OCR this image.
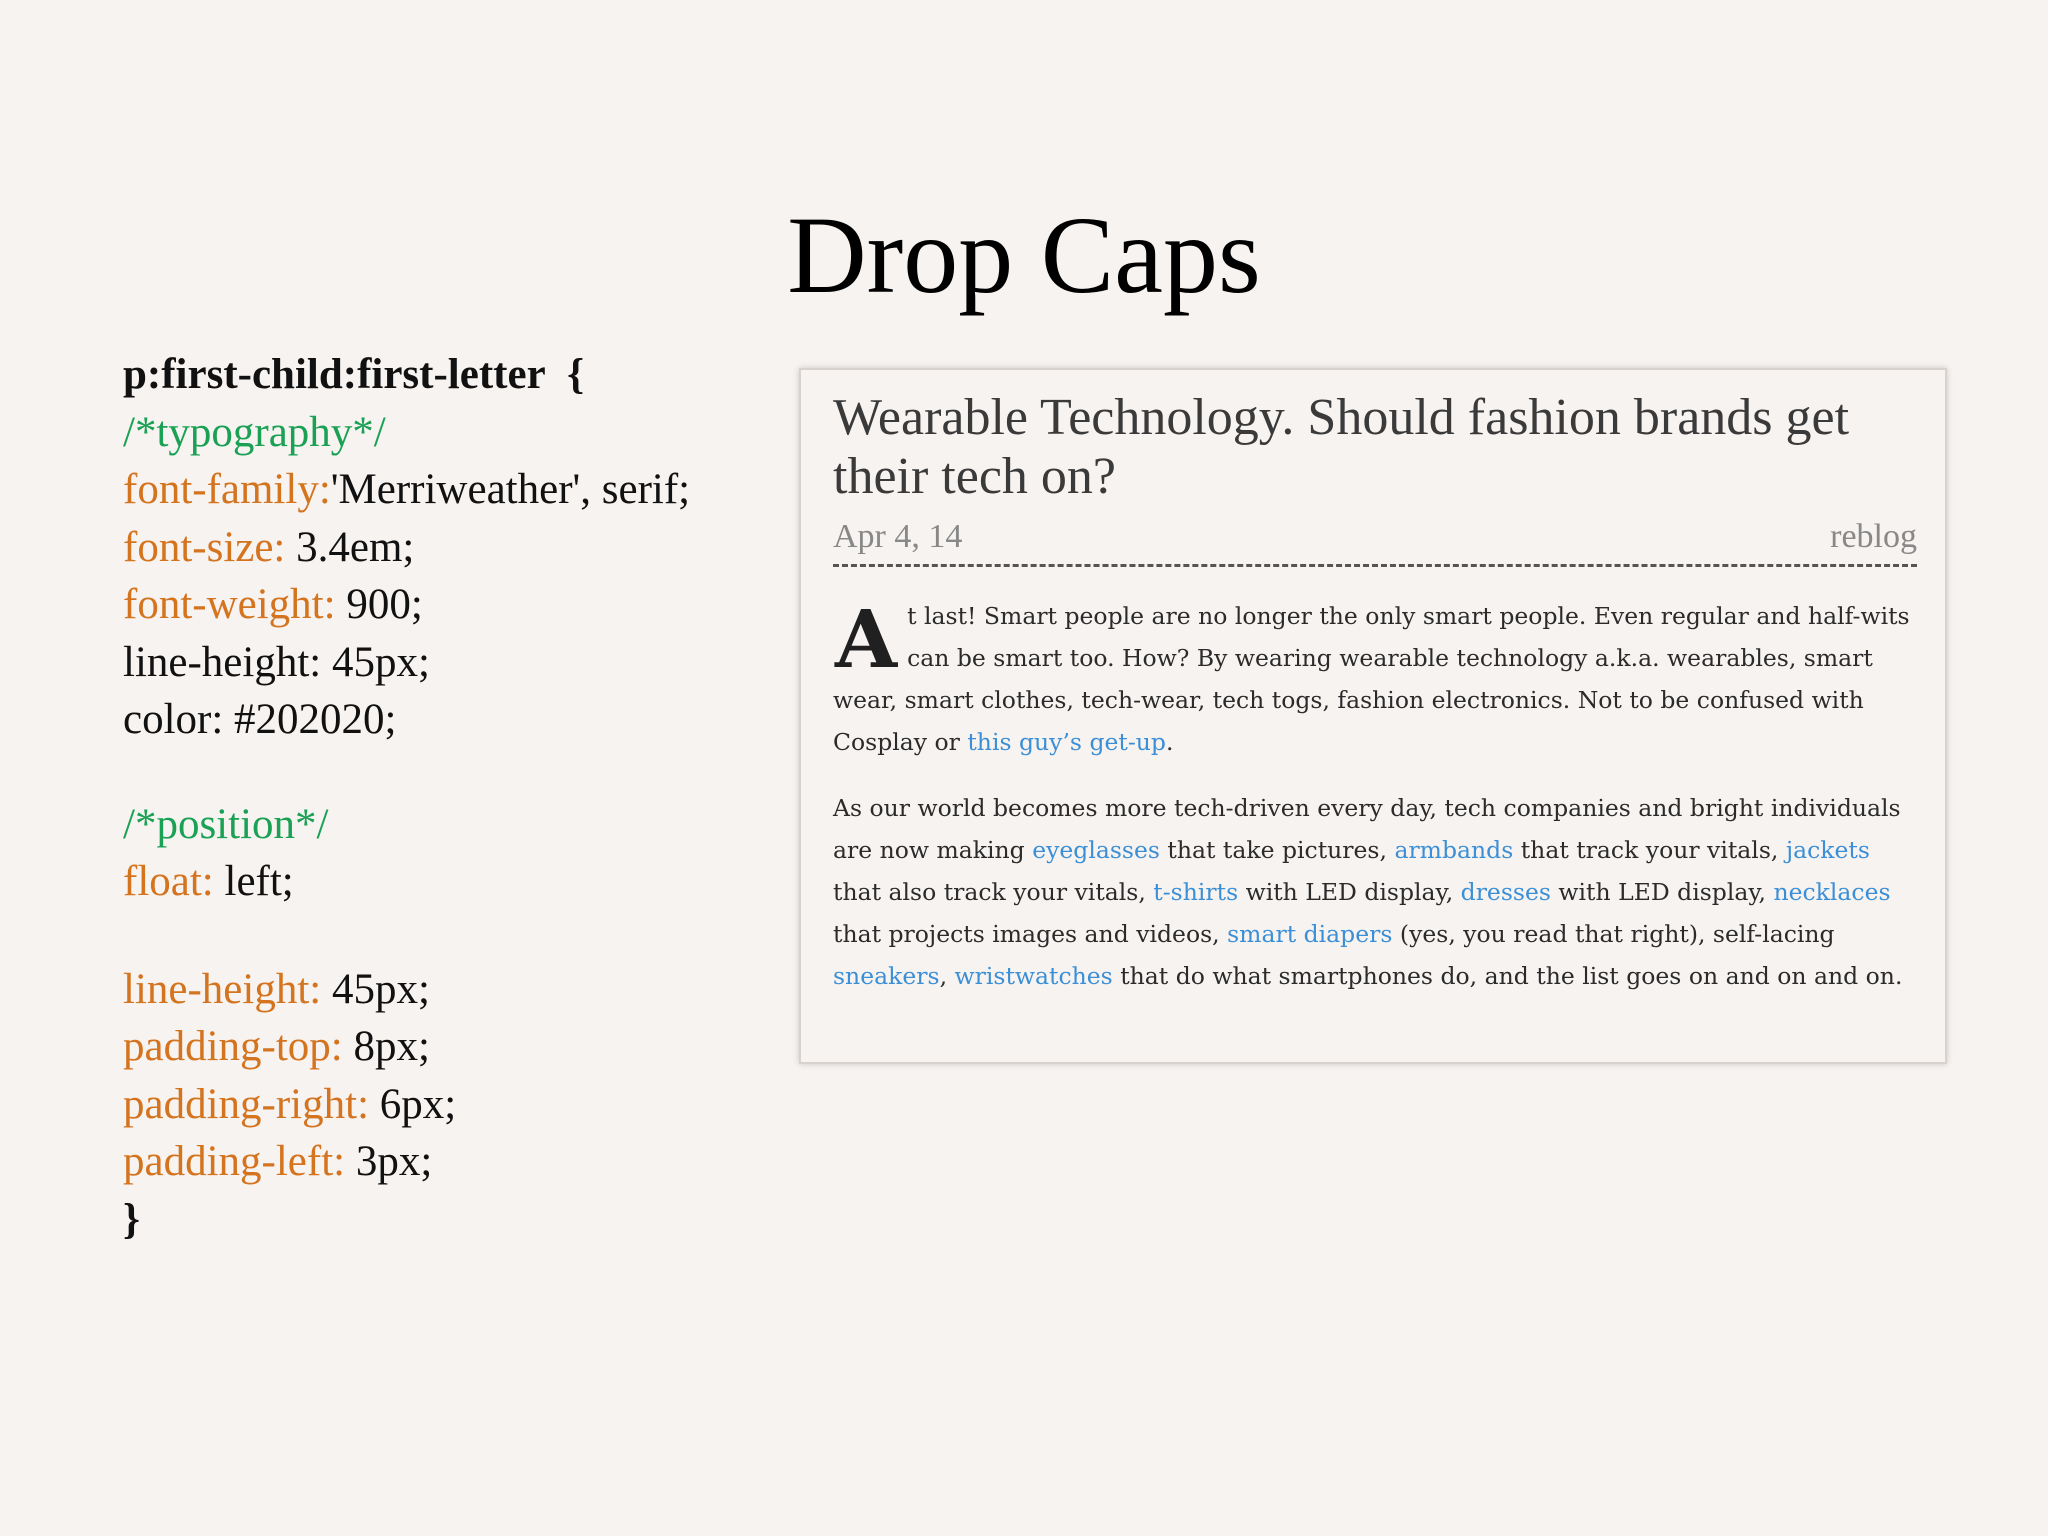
Drop Caps
p:first-child:first-letter {
/*typography*/
font-family:'Merriweather', serif;
font-size: 3.4em;
font-weight: 900;
line-height: 45px;
color: #202020;
/*position*/
float: left;
line-height: 45px;
padding-top: 8px;
padding-right: 6px;
padding-left: 3px;
}
Wearable Technology. Should fashion brands get their tech on?
Apr 4, 14	reblog

At last! Smart people are no longer the only smart people. Even regular and half-wits can be smart too. How? By wearing wearable technology a.k.a. wearables, smart wear, smart clothes, tech-wear, tech togs, fashion electronics. Not to be confused with Cosplay or this guy’s get-up.

As our world becomes more tech-driven every day, tech companies and bright individuals are now making eyeglasses that take pictures, armbands that track your vitals, jackets that also track your vitals, t-shirts with LED display, dresses with LED display, necklaces that projects images and videos, smart diapers (yes, you read that right), self-lacing sneakers, wristwatches that do what smartphones do, and the list goes on and on and on.
